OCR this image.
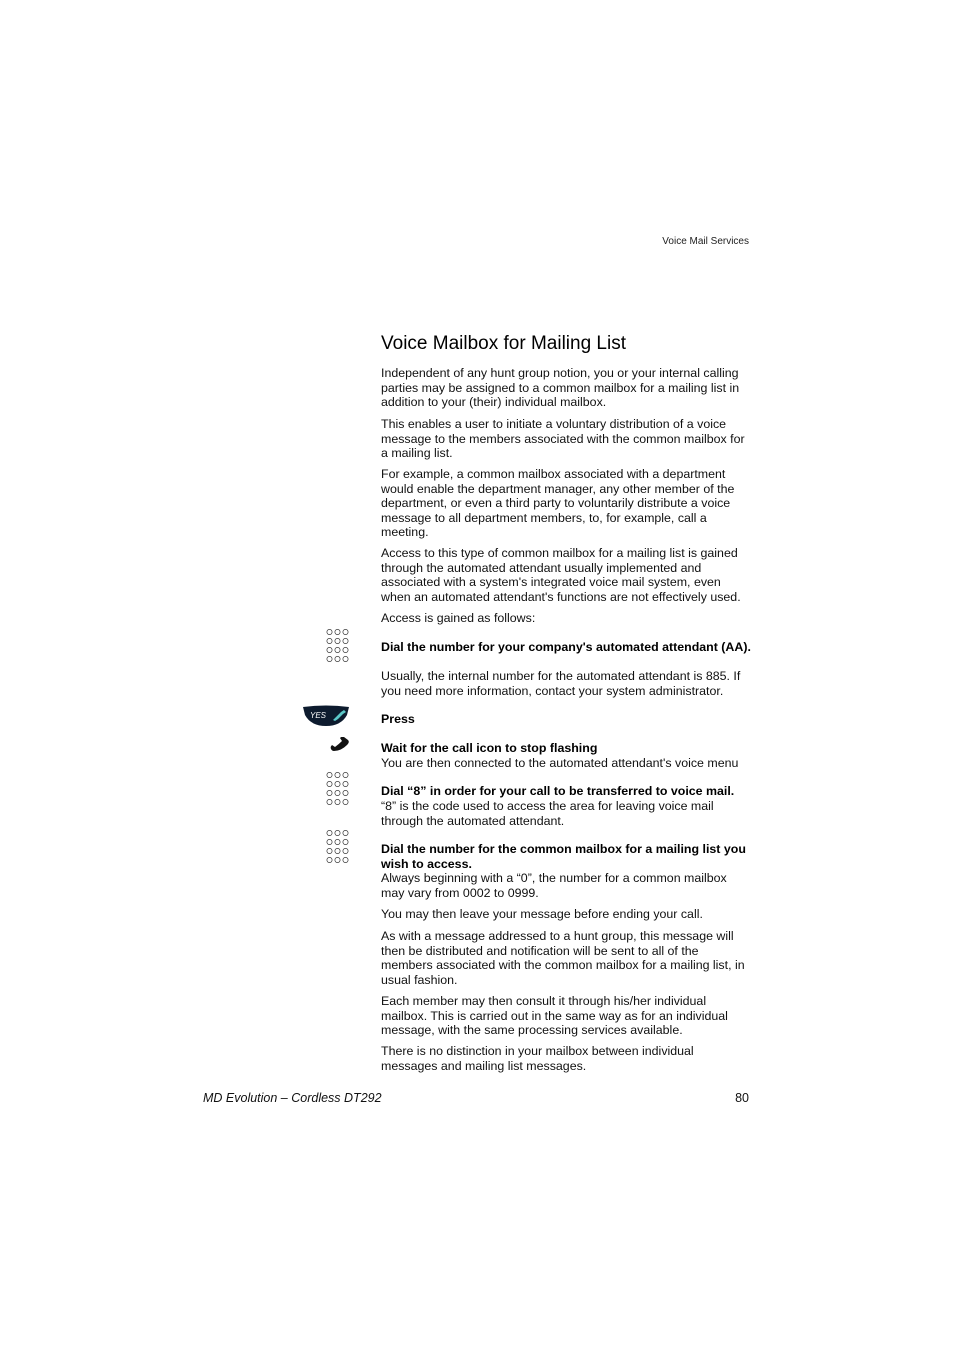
Voice Mail Services
Voice Mailbox for Mailing List

Independent of any hunt group notion, you or your internal calling parties may be assigned to a common mailbox for a mailing list in addition to your (their) individual mailbox.

This enables a user to initiate a voluntary distribution of a voice message to the members associated with the common mailbox for a mailing list.

For example, a common mailbox associated with a department would enable the department manager, any other member of the department, or even a third party to voluntarily distribute a voice message to all department members, to, for example, call a meeting.

Access to this type of common mailbox for a mailing list is gained through the automated attendant usually implemented and associated with a system's integrated voice mail system, even when an automated attendant's functions are not effectively used.

Access is gained as follows:

Dial the number for your company's automated attendant (AA).

Usually, the internal number for the automated attendant is 885. If you need more information, contact your system administrator.

YES	Press

Wait for the call icon to stop flashing

You are then connected to the automated attendant's voice menu

Dial “8” in order for your call to be transferred to voice mail.

“8” is the code used to access the area for leaving voice mail through the automated attendant.

Dial the number for the common mailbox for a mailing list you wish to access.

Always beginning with a “0”, the number for a common mailbox may vary from 0002 to 0999.

You may then leave your message before ending your call.

As with a message addressed to a hunt group, this message will then be distributed and notification will be sent to all of the members associated with the common mailbox for a mailing list, in usual fashion.

Each member may then consult it through his/her individual mailbox. This is carried out in the same way as for an individual message, with the same processing services available.

There is no distinction in your mailbox between individual messages and mailing list messages.

MD Evolution – Cordless DT292	80
